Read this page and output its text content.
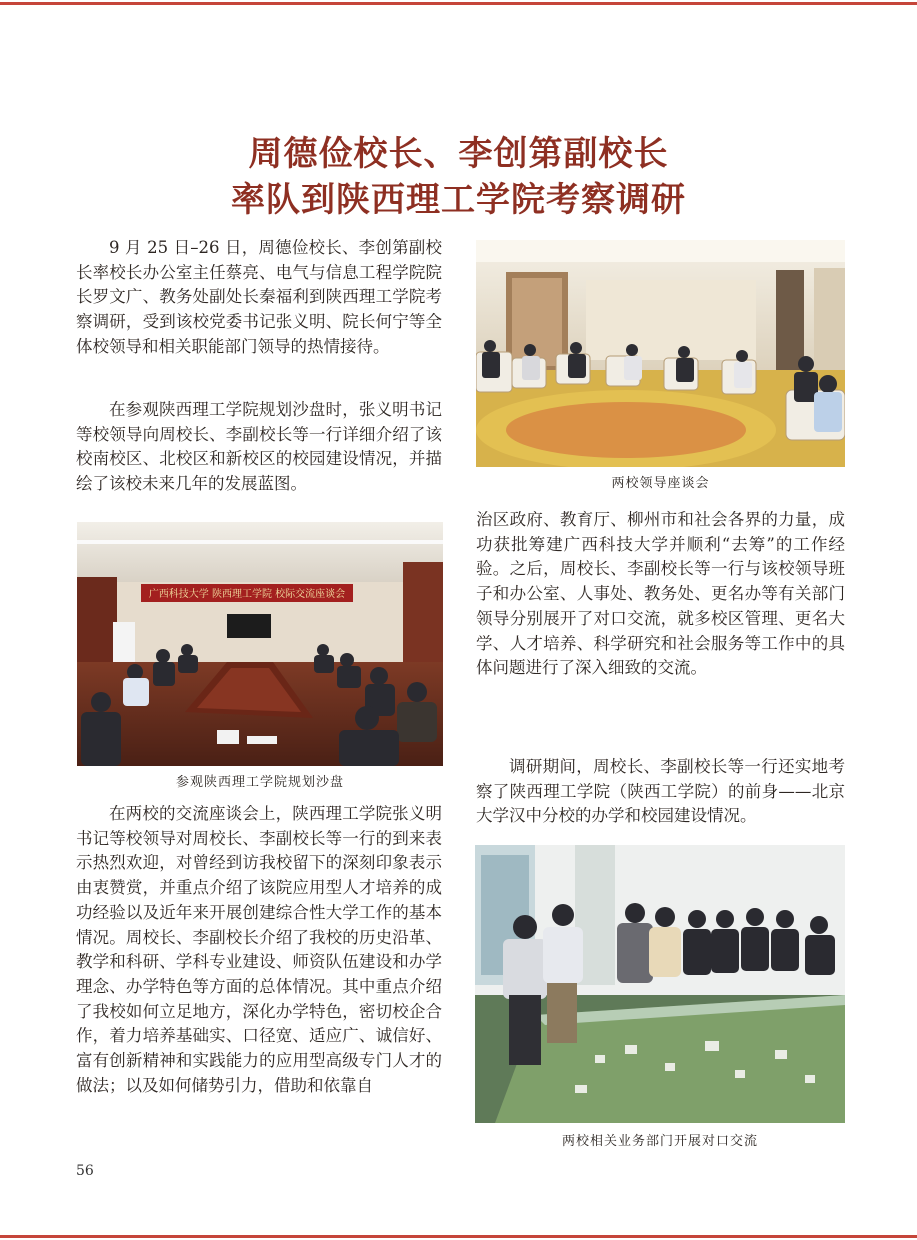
周德俭校长、李创第副校长
率队到陕西理工学院考察调研

9 月 25 日–26 日，周德俭校长、李创第副校长率校长办公室主任蔡亮、电气与信息工程学院院长罗文广、教务处副处长秦福利到陕西理工学院考察调研，受到该校党委书记张义明、院长何宁等全体校领导和相关职能部门领导的热情接待。

在参观陕西理工学院规划沙盘时，张义明书记等校领导向周校长、李副校长等一行详细介绍了该校南校区、北校区和新校区的校园建设情况，并描绘了该校未来几年的发展蓝图。

广西科技大学 陕西理工学院 校际交流座谈会
参观陕西理工学院规划沙盘

在两校的交流座谈会上，陕西理工学院张义明书记等校领导对周校长、李副校长等一行的到来表示热烈欢迎，对曾经到访我校留下的深刻印象表示由衷赞赏，并重点介绍了该院应用型人才培养的成功经验以及近年来开展创建综合性大学工作的基本情况。周校长、李副校长介绍了我校的历史沿革、教学和科研、学科专业建设、师资队伍建设和办学理念、办学特色等方面的总体情况。其中重点介绍了我校如何立足地方，深化办学特色，密切校企合作，着力培养基础实、口径宽、适应广、诚信好、富有创新精神和实践能力的应用型高级专门人才的做法；以及如何储势引力，借助和依靠自

两校领导座谈会

治区政府、教育厅、柳州市和社会各界的力量，成功获批筹建广西科技大学并顺利“去筹”的工作经验。之后，周校长、李副校长等一行与该校领导班子和办公室、人事处、教务处、更名办等有关部门领导分别展开了对口交流，就多校区管理、更名大学、人才培养、科学研究和社会服务等工作中的具体问题进行了深入细致的交流。

调研期间，周校长、李副校长等一行还实地考察了陕西理工学院（陕西工学院）的前身——北京大学汉中分校的办学和校园建设情况。

两校相关业务部门开展对口交流
56
